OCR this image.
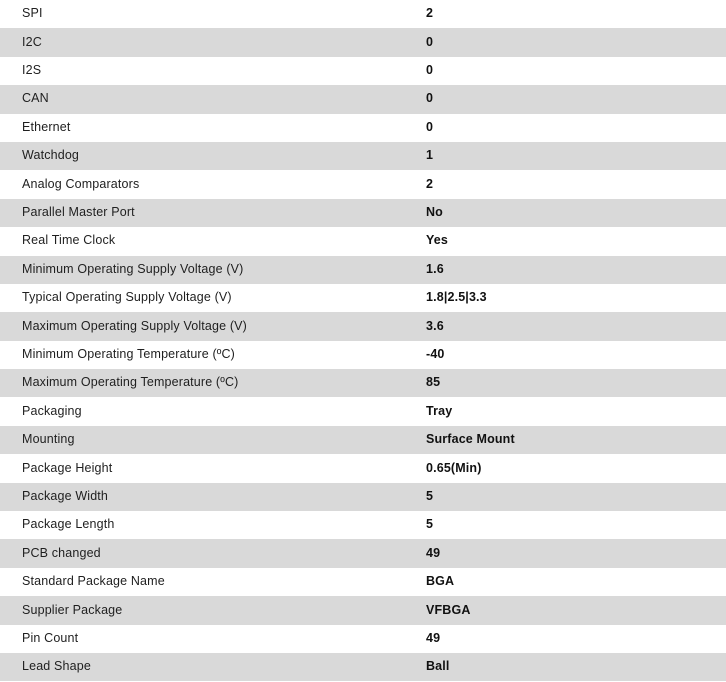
SPI	2
I2C	0
I2S	0
CAN	0
Ethernet	0
Watchdog	1
Analog Comparators	2
Parallel Master Port	No
Real Time Clock	Yes
Minimum Operating Supply Voltage (V)	1.6
Typical Operating Supply Voltage (V)	1.8|2.5|3.3
Maximum Operating Supply Voltage (V)	3.6
Minimum Operating Temperature (ºC)	-40
Maximum Operating Temperature (ºC)	85
Packaging	Tray
Mounting	Surface Mount
Package Height	0.65(Min)
Package Width	5
Package Length	5
PCB changed	49
Standard Package Name	BGA
Supplier Package	VFBGA
Pin Count	49
Lead Shape	Ball
